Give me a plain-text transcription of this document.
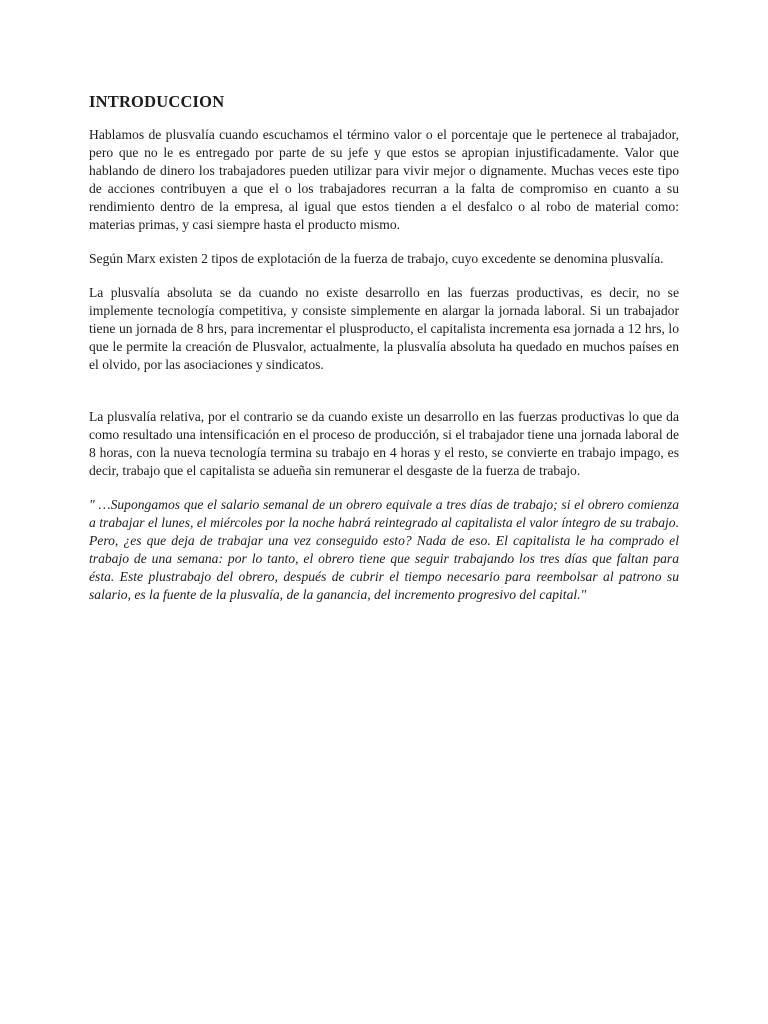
INTRODUCCION

Hablamos de plusvalía cuando escuchamos el término valor o el porcentaje que le pertenece al trabajador, pero que no le es entregado por parte de su jefe y que estos se apropian injustificadamente. Valor que hablando de dinero los trabajadores pueden utilizar para vivir mejor o dignamente. Muchas veces este tipo de acciones contribuyen a que el o los trabajadores recurran a la falta de compromiso en cuanto a su rendimiento dentro de la empresa, al igual que estos tienden a el desfalco o al robo de material como: materias primas, y casi siempre hasta el producto mismo.

Según Marx existen 2 tipos de explotación de la fuerza de trabajo, cuyo excedente se denomina plusvalía.

La plusvalía absoluta se da cuando no existe desarrollo en las fuerzas productivas, es decir, no se implemente tecnología competitiva, y consiste simplemente en alargar la jornada laboral. Si un trabajador tiene un jornada de 8 hrs, para incrementar el plusproducto, el capitalista incrementa esa jornada a 12 hrs, lo que le permite la creación de Plusvalor, actualmente, la plusvalía absoluta ha quedado en muchos países en el olvido, por las asociaciones y sindicatos.

La plusvalía relativa, por el contrario se da cuando existe un desarrollo en las fuerzas productivas lo que da como resultado una intensificación en el proceso de producción, si el trabajador tiene una jornada laboral de 8 horas, con la nueva tecnología termina su trabajo en 4 horas y el resto, se convierte en trabajo impago, es decir, trabajo que el capitalista se adueña sin remunerar el desgaste de la fuerza de trabajo.

" …Supongamos que el salario semanal de un obrero equivale a tres días de trabajo; si el obrero comienza a trabajar el lunes, el miércoles por la noche habrá reintegrado al capitalista el valor íntegro de su trabajo. Pero, ¿es que deja de trabajar una vez conseguido esto? Nada de eso. El capitalista le ha comprado el trabajo de una semana: por lo tanto, el obrero tiene que seguir trabajando los tres días que faltan para ésta. Este plustrabajo del obrero, después de cubrir el tiempo necesario para reembolsar al patrono su salario, es la fuente de la plusvalía, de la ganancia, del incremento progresivo del capital."
